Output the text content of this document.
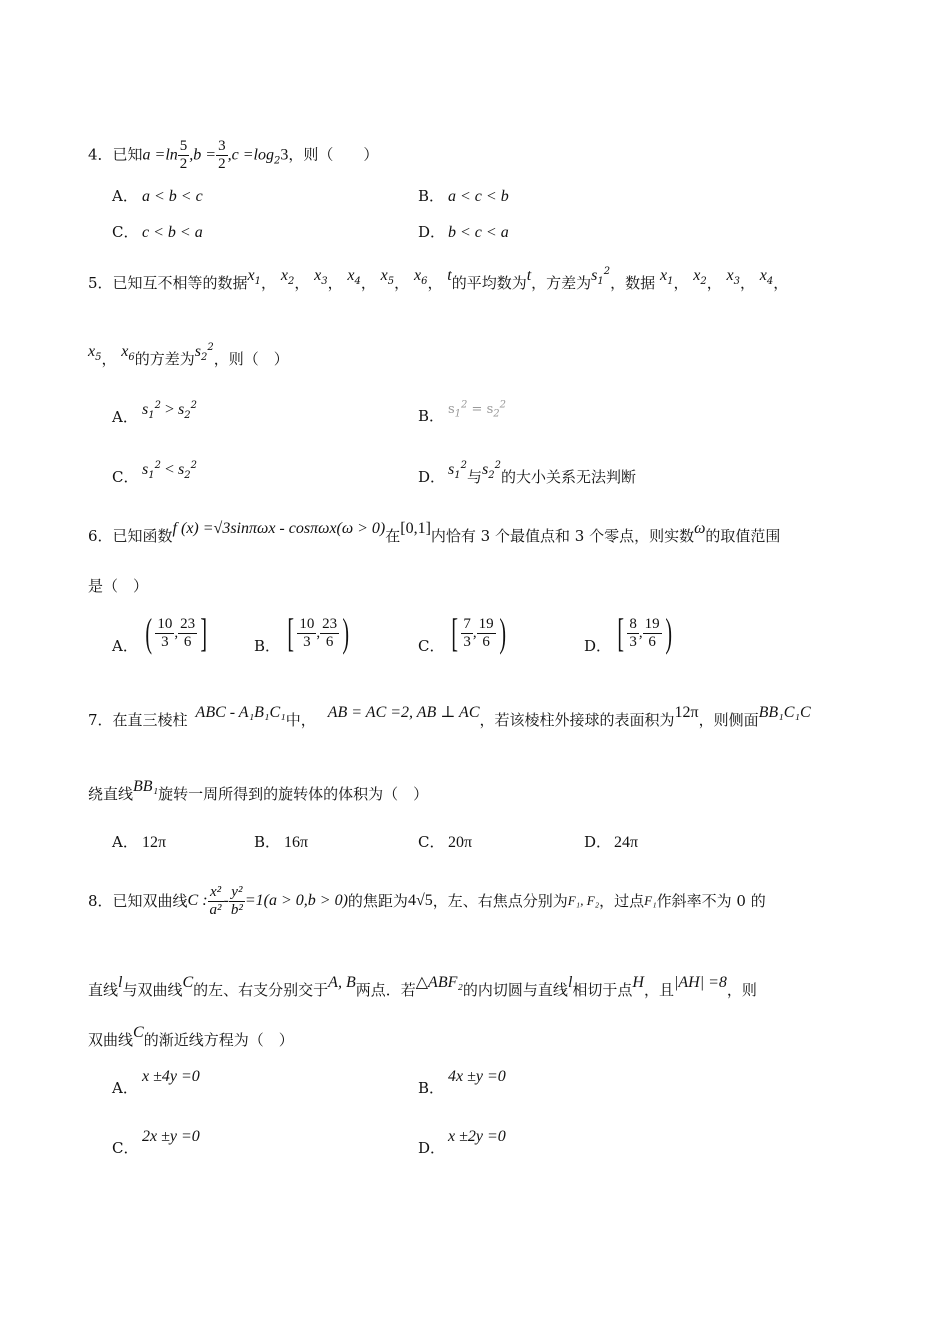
4．已知$a =\ln \frac{5}{2} ,b = \frac{3}{2} ,c =\log_23$，则（　　）
A． a < b < c	B． a < c < b
C． c < b < a	D． b < c < a
5．已知互不相等的数据$x_1$， $x_2$， $x_3$， $x_4$， $x_5$， $x_6$， t的平均数为t，方差为$s_1^2$，数据 $x_1$， $x_2$， $x_3$， $x_4$，
$x_5$， $x_6$的方差为$s_2^2$，则（　）
A． $s_1^2 > s_2^2$
B． $s_1^2 = s_2^2$
C． $s_1^2 < s_2^2$
D． $s_1^2$与$s_2^2$的大小关系无法判断
6．已知函数f (x) =√3sinπωx - cosπωx(ω > 0)在[0,1]内恰有 3 个最值点和 3 个零点，则实数ω的取值范围
是（　）
A． ( $\frac{10}{3}$ , $\frac{23}{6}$ ]	B． [ $\frac{10}{3}$ , $\frac{23}{6}$ )	C． [ $\frac{7}{3}$ , $\frac{19}{6}$ )	D． [ $\frac{8}{3}$ , $\frac{19}{6}$ )
7．在直三棱柱 ABC - A₁B₁C₁中， AB = AC =2, AB ⊥ AC，若该棱柱外接球的表面积为12π，则侧面BB₁C₁C
绕直线BB₁旋转一周所得到的旋转体的体积为（　）
A． 12π	B． 16π	C． 20π	D． 24π
8．已知双曲线 C : $\frac{\text{x²}}{\text{a²}} - \frac{\text{y²}}{\text{b²}} =1(a > 0,b > 0)$ 的焦距为 4√5 ，左、右焦点分别为 F₁, F₂ ，过点 F₁ 作斜率不为 0 的
直线l与双曲线C的左、右支分别交于A, B两点．若△ABF₂的内切圆与直线l相切于点H，且|AH| =8，则
双曲线C的渐近线方程为（　）
A．x ±4y =0
B．4x ±y =0
C．2x ±y =0
D．x ±2y =0
